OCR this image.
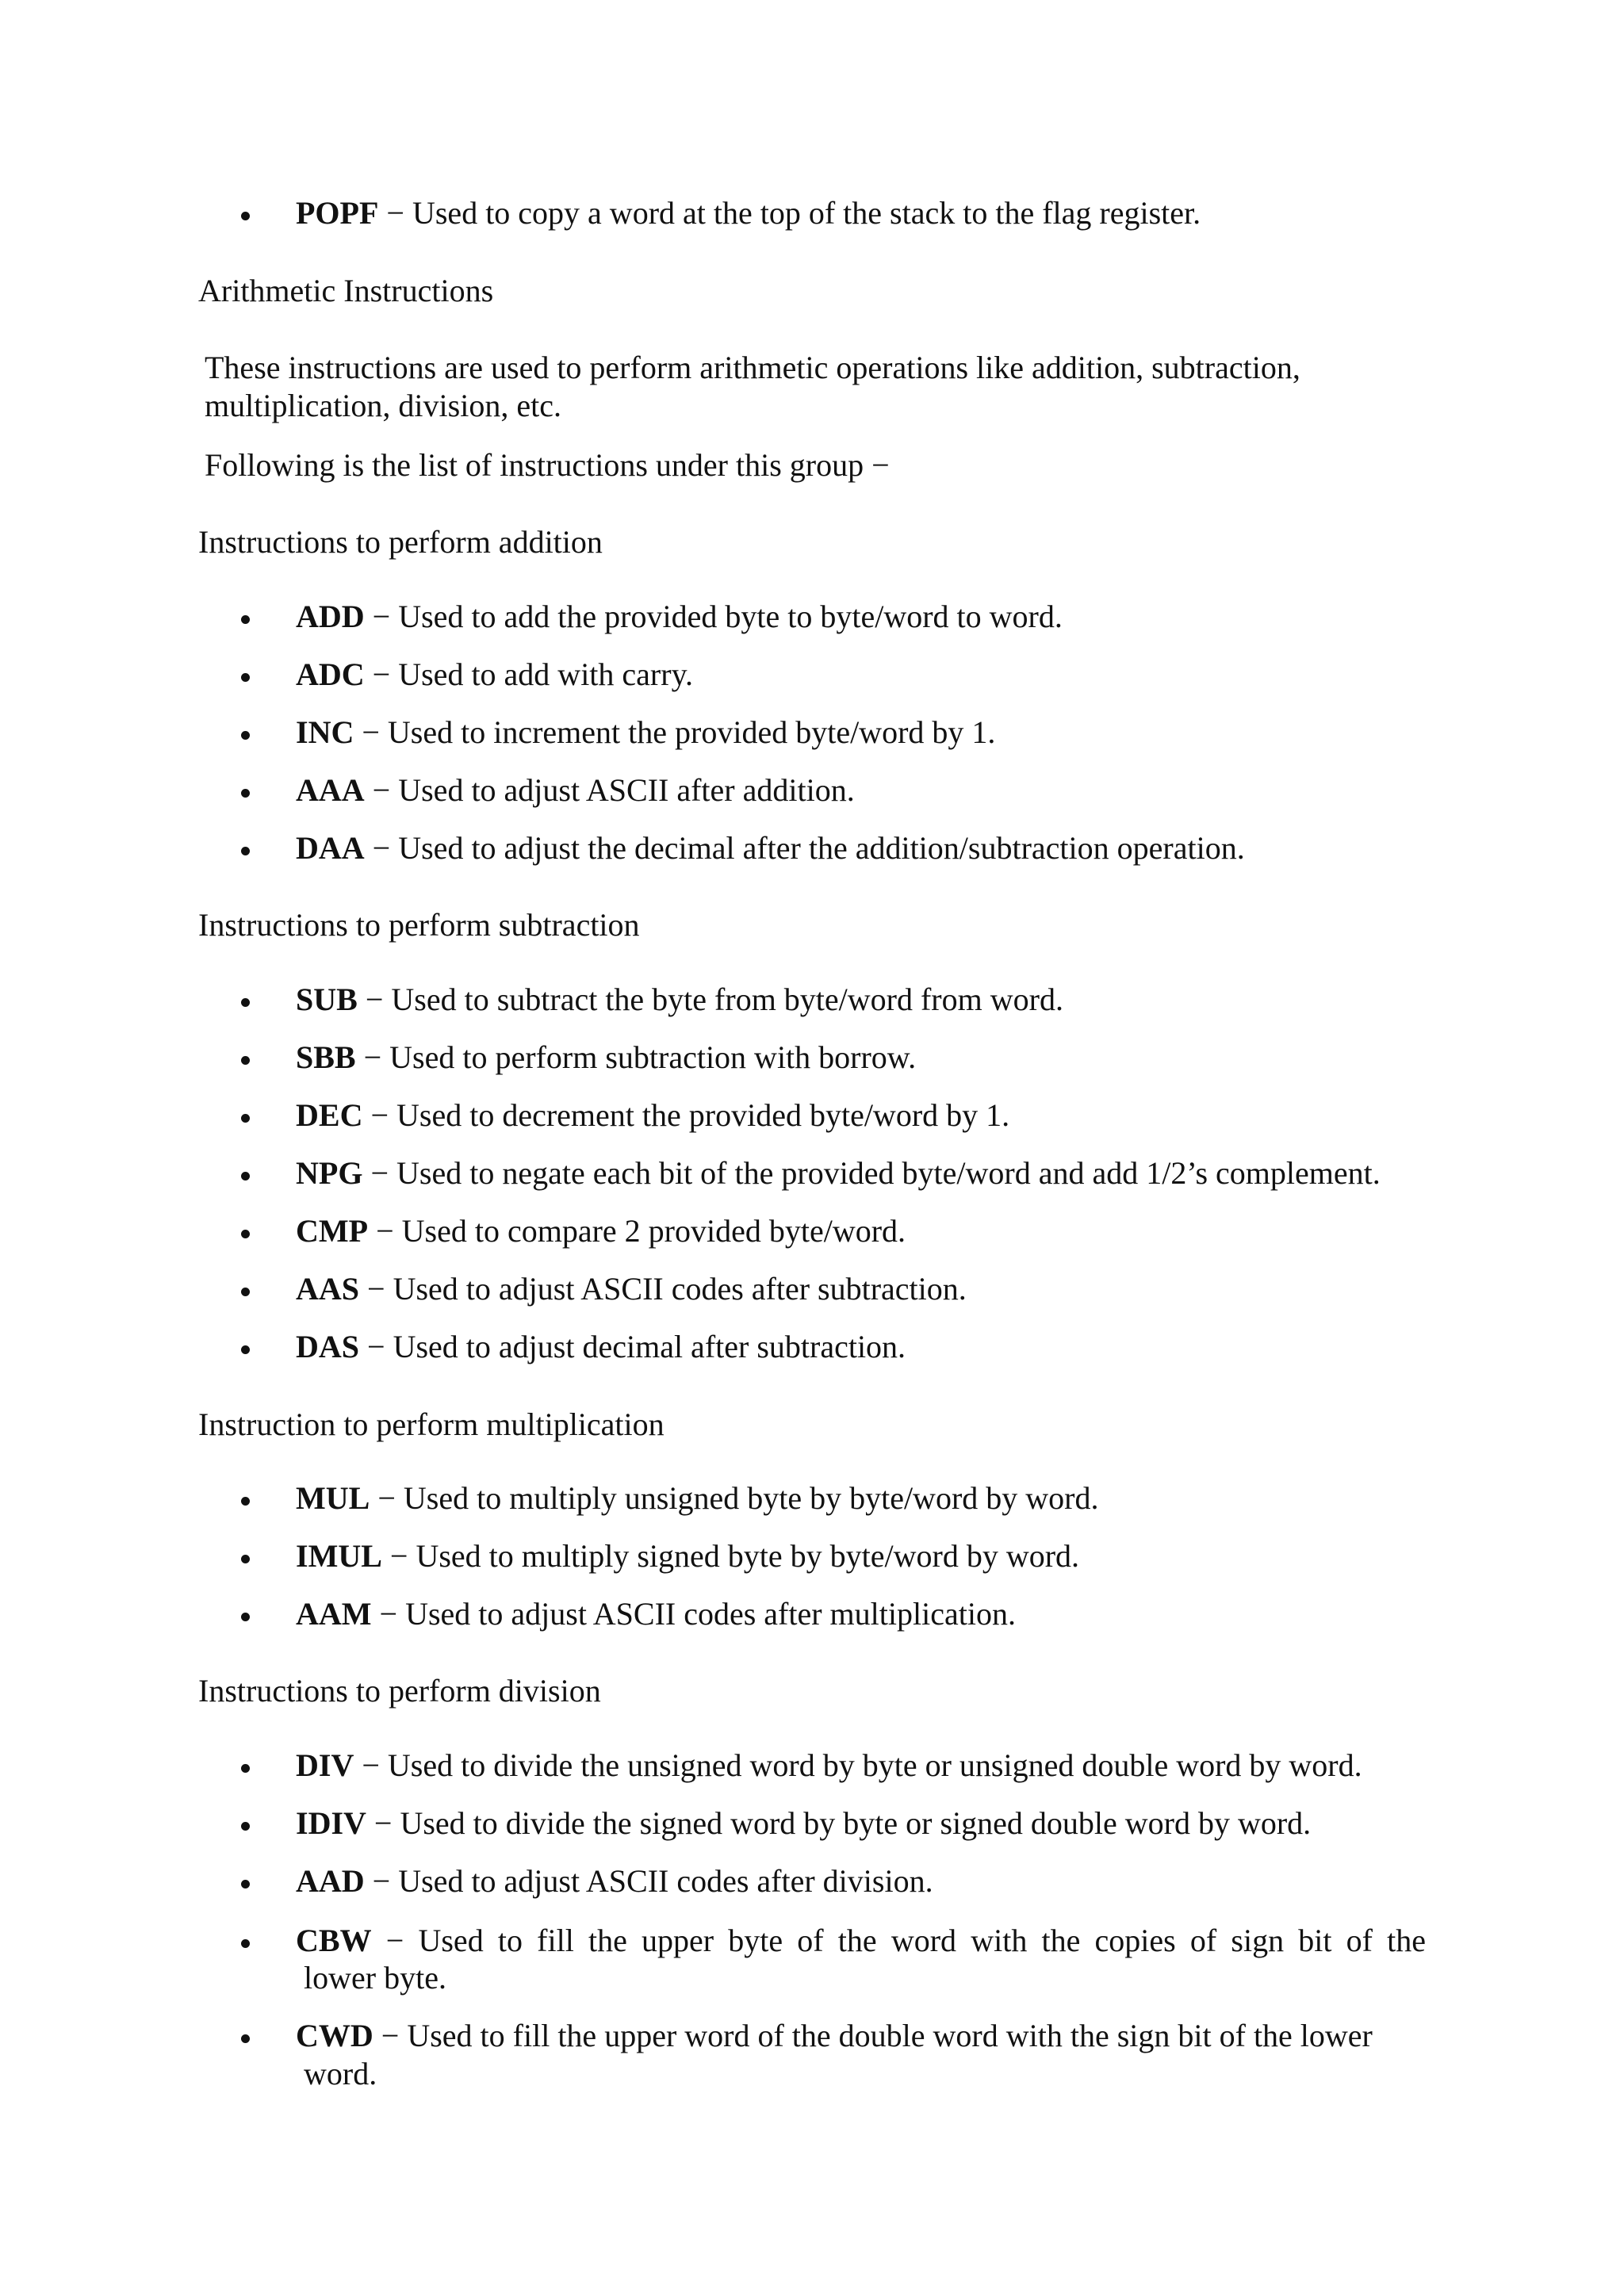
POPF − Used to copy a word at the top of the stack to the flag register.
Arithmetic Instructions
These instructions are used to perform arithmetic operations like addition, subtraction,
multiplication, division, etc.
Following is the list of instructions under this group −
Instructions to perform addition
ADD − Used to add the provided byte to byte/word to word.
ADC − Used to add with carry.
INC − Used to increment the provided byte/word by 1.
AAA − Used to adjust ASCII after addition.
DAA − Used to adjust the decimal after the addition/subtraction operation.
Instructions to perform subtraction
SUB − Used to subtract the byte from byte/word from word.
SBB − Used to perform subtraction with borrow.
DEC − Used to decrement the provided byte/word by 1.
NPG − Used to negate each bit of the provided byte/word and add 1/2’s complement.
CMP − Used to compare 2 provided byte/word.
AAS − Used to adjust ASCII codes after subtraction.
DAS − Used to adjust decimal after subtraction.
Instruction to perform multiplication
MUL − Used to multiply unsigned byte by byte/word by word.
IMUL − Used to multiply signed byte by byte/word by word.
AAM − Used to adjust ASCII codes after multiplication.
Instructions to perform division
DIV − Used to divide the unsigned word by byte or unsigned double word by word.
IDIV − Used to divide the signed word by byte or signed double word by word.
AAD − Used to adjust ASCII codes after division.
CBW − Used to fill the upper byte of the word with the copies of sign bit of the
lower byte.
CWD − Used to fill the upper word of the double word with the sign bit of the lower
word.
